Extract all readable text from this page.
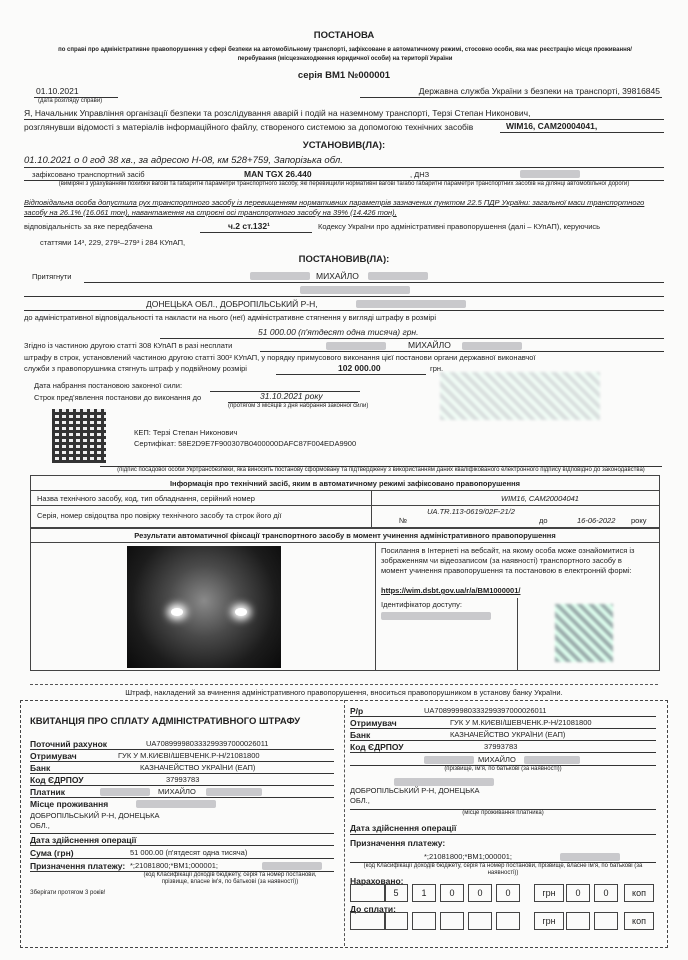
ПОСТАНОВА
по справі про адміністративне правопорушення у сфері безпеки на автомобільному транспорті, зафіксоване в автоматичному режимі, стосовно особи, яка має реєстрацію місця проживання/перебування (місцезнаходження юридичної особи) на території України
серія ВМ1 №000001
01.10.2021
(дата розгляду справи)
Державна служба України з безпеки на транспорті, 39816845
Я, Начальник Управління організації безпеки та розслідування аварій і подій на наземному транспорті, Терзі Степан Никонович,
розглянувши відомості з матеріалів інформаційного файлу, створеного системою за допомогою технічних засобів	WIM16, CAM20004041,
УСТАНОВИВ(ЛА):
01.10.2021 о 0 год 38 хв., за адресою Н-08, км 528+759, Запорізька обл.
зафіксовано транспортний засіб	MAN TGX 26.440	, ДНЗ
(виміряні з урахуванням похибки вагові та габаритні параметри транспортного засобу, які перевищили нормативні вагові та/або габаритні параметри транспортних засобів на ділянці автомобільної дороги)
Відповідальна особа допустила рух транспортного засобу із перевищенням нормативних параметрів зазначених пунктом 22.5 ПДР України: загальної маси транспортного засобу на 26.1% (16.061 тон), навантаження на строєні осі транспортного засобу на 39% (14.426 тон),
відповідальність за яке передбачена	ч.2 ст.132¹	Кодексу України про адміністративні правопорушення (далі – КУпАП), керуючись
статтями 14³, 229, 279¹–279³ і 284 КУпАП,
ПОСТАНОВИВ(ЛА):
Притягнути	МИХАЙЛО
ДОНЕЦЬКА ОБЛ., ДОБРОПІЛЬСЬКИЙ Р-Н,
до адміністративної відповідальності та накласти на нього (неї) адміністративне стягнення у вигляді штрафу в розмірі
51 000.00 (п'ятдесят одна тисяча) грн.
Згідно із частиною другою статті 308 КУпАП в разі несплати	МИХАЙЛО
штрафу в строк, установлений частиною другою статті 300² КУпАП, у порядку примусового виконання цієї постанови органи державної виконавчої
служби з правопорушника стягнуть штраф у подвійному розмірі	102 000.00	грн.
Дата набрання постановою законної сили:
Строк пред'явлення постанови до виконання до	31.10.2021 року
(протягом 3 місяців з дня набрання законної сили)
КЕП: Терзі Степан Никонович
Сертифікат: 58E2D9E7F900307B0400000DAFC87F004EDA9900
(підпис посадової особи Укртрансбезпеки, яка виносить постанову сформовану та підтверджену з використанням даних кваліфікованого електронного підпису відповідно до законодавства)
Інформація про технічний засіб, яким в автоматичному режимі зафіксовано правопорушення
Назва технічного засобу, код, тип обладнання, серійний номер	WIM16, CAM20004041
Серія, номер свідоцтва про повірку технічного засобу та строк його дії
№
UA.TR.113-0619/02F-21/2
до	16-06-2022 року
Результати автоматичної фіксації транспортного засобу в момент учинення адміністративного правопорушення
Посилання в Інтернеті на вебсайт, на якому особа може ознайомитися із зображенням чи відеозаписом (за наявності) транспортного засобу в момент учинення правопорушення та постановою в електронній формі:
https://wim.dsbt.gov.ua/r/a/BM1000001/
Ідентифікатор доступу:
Штраф, накладений за вчинення адміністративного правопорушення, вноситься правопорушником в установу банку України.
КВИТАНЦІЯ ПРО СПЛАТУ АДМІНІСТРАТИВНОГО ШТРАФУ
Поточний рахунок	UA708999980333299397000026011
Отримувач	ГУК У М.КИЄВІ/ШЕВЧЕНК.Р-Н/21081800
Банк	КАЗНАЧЕЙСТВО УКРАЇНИ (ЕАП)
Код ЄДРПОУ	37993783
Платник	МИХАЙЛО
Місце проживання
ДОБРОПІЛЬСЬКИЙ Р-Н, ДОНЕЦЬКА ОБЛ.,
Дата здійснення операції
Сума (грн)	51 000.00 (п'ятдесят одна тисяча)
Призначення платежу: *;21081800;*ВМ1;000001;
(код Класифікації доходів бюджету, серія та номер постанови, прізвище, власне ім'я, по батькові (за наявності))
Зберігати протягом 3 років!
Р/р	UA708999980333299397000026011
Отримувач	ГУК У М.КИЄВІ/ШЕВЧЕНК.Р-Н/21081800
Банк	КАЗНАЧЕЙСТВО УКРАЇНИ (ЕАП)
Код ЄДРПОУ	37993783
МИХАЙЛО
(прізвище, ім'я, по батькові (за наявності))
ДОБРОПІЛЬСЬКИЙ Р-Н, ДОНЕЦЬКА ОБЛ.,
(місце проживання платника)
Дата здійснення операції
Призначення платежу:
*;21081800;*ВМ1;000001;
(код Класифікації доходів бюджету, серія та номер постанови, прізвище, власне ім'я, по батькові (за наявності))
Нараховано:
5	1	0	0	0	грн	0	0	коп
До сплати:
грн	коп
